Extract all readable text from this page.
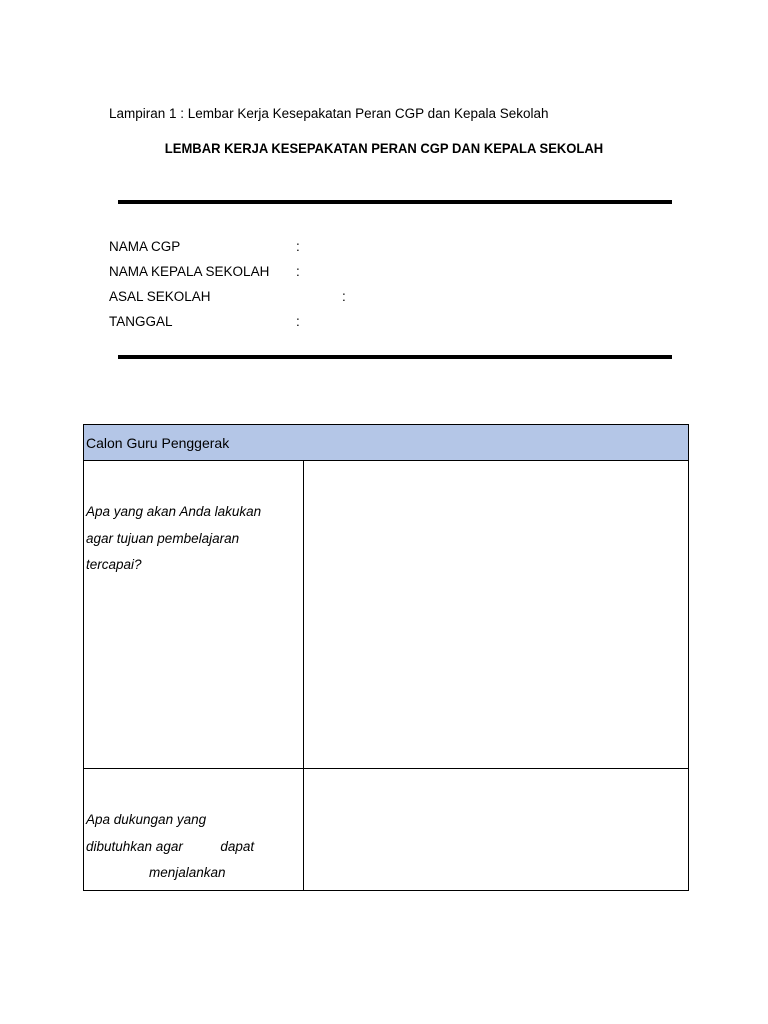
Lampiran 1 : Lembar Kerja Kesepakatan Peran CGP dan Kepala Sekolah
LEMBAR KERJA KESEPAKATAN PERAN CGP DAN KEPALA SEKOLAH
NAMA CGP	:
NAMA KEPALA SEKOLAH :
ASAL SEKOLAH	:
TANGGAL	:
Calon Guru Penggerak	

Apa yang akan Anda lakukan
agar tujuan pembelajaran
tercapai?	

Apa dukungan yang
dibutuhkan agar dapat
menjalankan	
